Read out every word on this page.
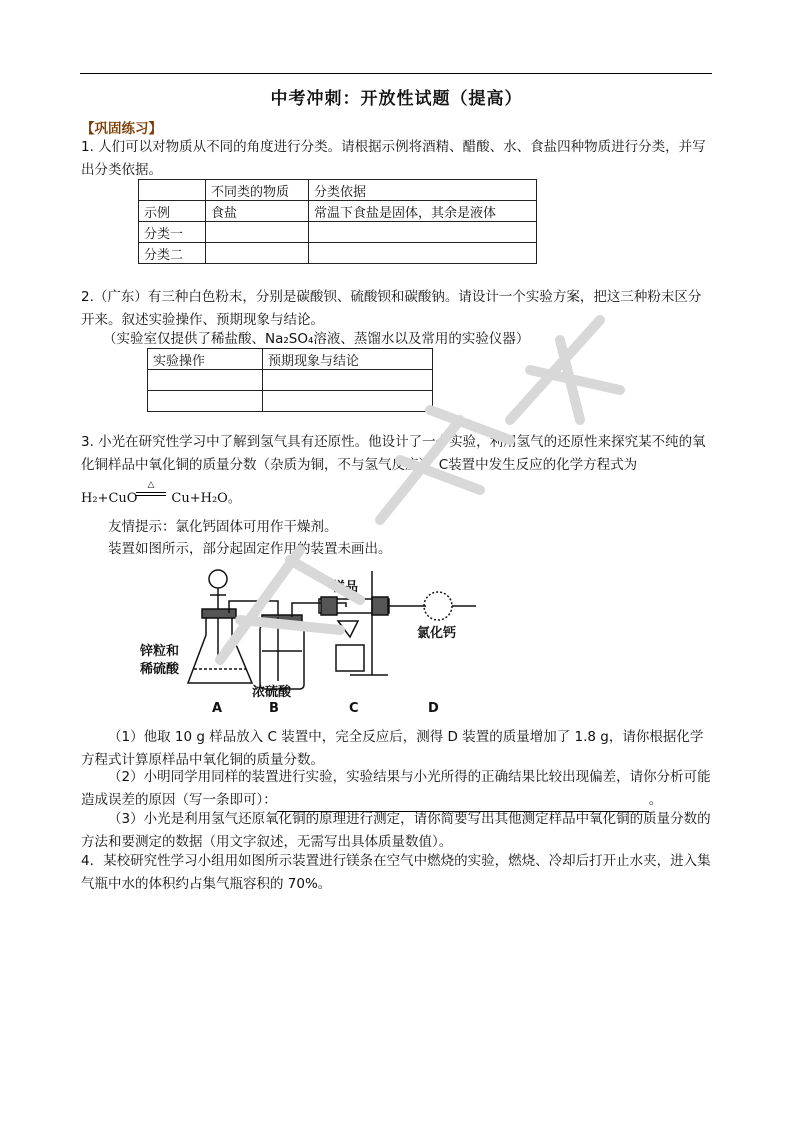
中考冲刺：开放性试题（提高）
【巩固练习】
1. 人们可以对物质从不同的角度进行分类。请根据示例将酒精、醋酸、水、食盐四种物质进行分类，并写出分类依据。
	不同类的物质	分类依据
示例	食盐	常温下食盐是固体，其余是液体
分类一		
分类二		
2.（广东）有三种白色粉末，分别是碳酸钡、硫酸钡和碳酸钠。请设计一个实验方案，把这三种粉末区分开来。叙述实验操作、预期现象与结论。
（实验室仅提供了稀盐酸、Na₂SO₄溶液、蒸馏水以及常用的实验仪器）
实验操作	预期现象与结论

3. 小光在研究性学习中了解到氢气具有还原性。他设计了一个实验，利用氢气的还原性来探究某不纯的氧化铜样品中氧化铜的质量分数（杂质为铜，不与氢气反应），C装置中发生反应的化学方程式为
H₂+CuO	Cu+H₂O。
△
友情提示：氯化钙固体可用作干燥剂。
装置如图所示，部分起固定作用的装置未画出。
锌粒和
稀硫酸
浓硫酸
样品
氯化钙
A	B	C	D
（1）他取 10 g 样品放入 C 装置中，完全反应后，测得 D 装置的质量增加了 1.8 g，请你根据化学方程式计算原样品中氧化铜的质量分数。
（2）小明同学用同样的装置进行实验，实验结果与小光所得的正确结果比较出现偏差，请你分析可能造成误差的原因（写一条即可）：	。
（3）小光是利用氢气还原氧化铜的原理进行测定，请你简要写出其他测定样品中氧化铜的质量分数的方法和要测定的数据（用文字叙述，无需写出具体质量数值）。
4．某校研究性学习小组用如图所示装置进行镁条在空气中燃烧的实验，燃烧、冷却后打开止水夹，进入集气瓶中水的体积约占集气瓶容积的 70%。
